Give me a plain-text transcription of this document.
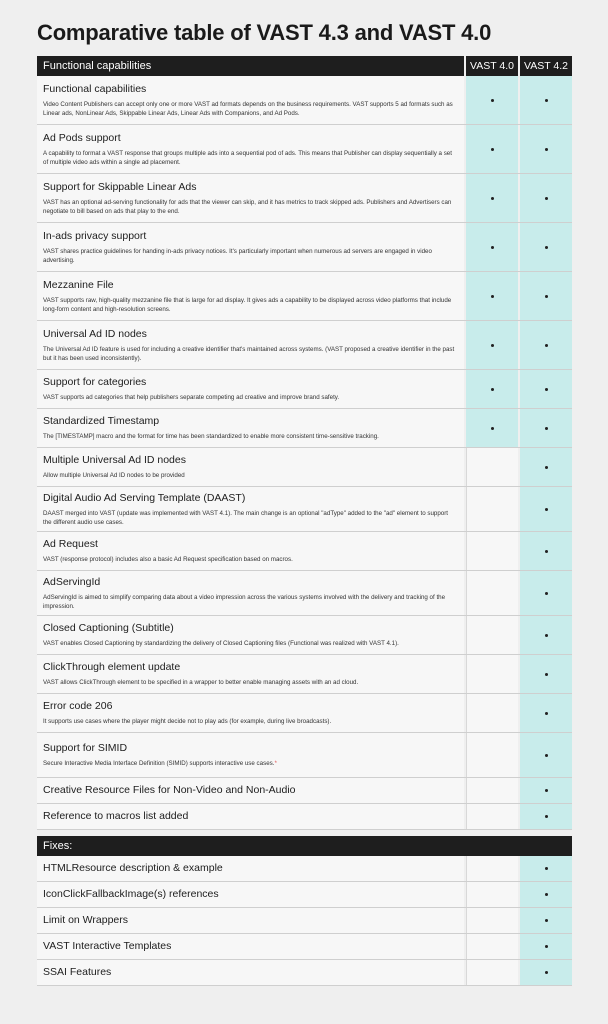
Comparative table of VAST 4.3 and VAST 4.0
Functional capabilities	VAST 4.0 VAST 4.2
Functional capabilities
Video Content Publishers can accept only one or more VAST ad formats depends on the business requirements. VAST supports 5 ad formats such as Linear ads, NonLinear Ads, Skippable Linear Ads, Linear Ads with Companions, and Ad Pods.
Ad Pods support
A capability to format a VAST response that groups multiple ads into a sequential pod of ads. This means that Publisher can display sequentially a set of multiple video ads within a single ad placement.
Support for Skippable Linear Ads
VAST has an optional ad-serving functionality for ads that the viewer can skip, and it has metrics to track skipped ads. Publishers and Advertisers can negotiate to bill based on ads that play to the end.
In-ads privacy support
VAST shares practice guidelines for handing in-ads privacy notices. It's particularly important when numerous ad servers are engaged in video advertising.
Mezzanine File
VAST supports raw, high-quality mezzanine file that is large for ad display. It gives ads a capability to be displayed across video platforms that include long-form content and high-resolution screens.
Universal Ad ID nodes
The Universal Ad ID feature is used for including a creative identifier that's maintained across systems. (VAST proposed a creative identifier in the past but it has been used inconsistently).
Support for categories
VAST supports ad categories that help publishers separate competing ad creative and improve brand safety.
Standardized Timestamp
The [TIMESTAMP] macro and the format for time has been standardized to enable more consistent time-sensitive tracking.
Multiple Universal Ad ID nodes
Allow multiple Universal Ad ID nodes to be provided
Digital Audio Ad Serving Template (DAAST)
DAAST merged into VAST (update was implemented with VAST 4.1). The main change is an optional "adType" added to the "ad" element to support the different audio use cases.
Ad Request
VAST (response protocol) includes also a basic Ad Request specification based on macros.
AdServingId
AdServingId is aimed to simplify comparing data about a video impression across the various systems involved with the delivery and tracking of the impression.
Closed Captioning (Subtitle)
VAST enables Closed Captioning by standardizing the delivery of Closed Captioning files (Functional was realized with VAST 4.1).
ClickThrough element update
VAST allows ClickThrough element to be specified in a wrapper to better enable managing assets with an ad cloud.
Error code 206
It supports use cases where the player might decide not to play ads (for example, during live broadcasts).
Support for SIMID
Secure Interactive Media Interface Definition (SIMID) supports interactive use cases.*
Creative Resource Files for Non-Video and Non-Audio
Reference to macros list added
Fixes:
HTMLResource description & example
IconClickFallbackImage(s) references
Limit on Wrappers
VAST Interactive Templates
SSAI Features
